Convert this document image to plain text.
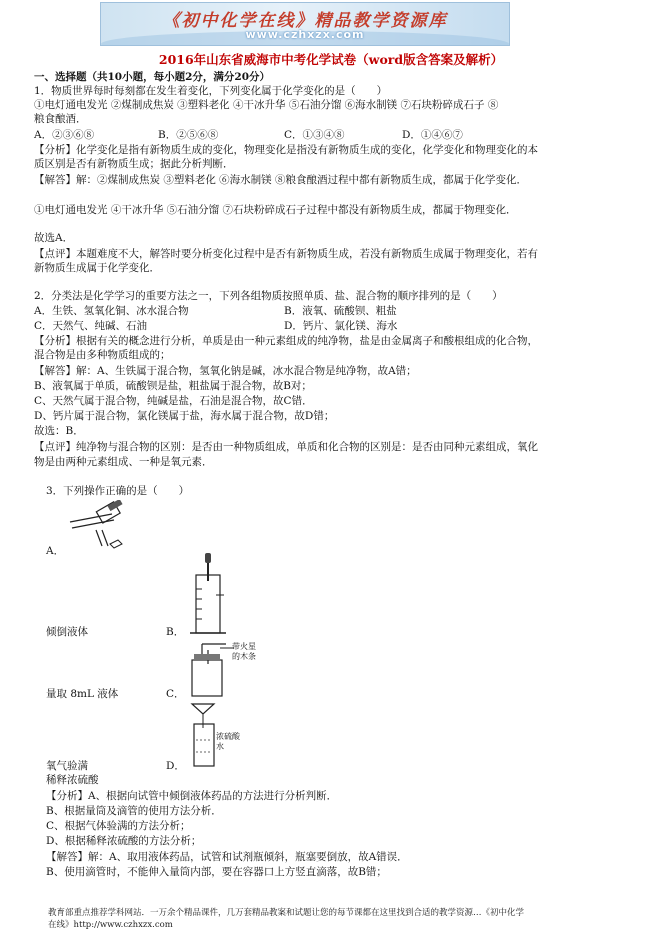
《初中化学在线》精品教学资源库
www.czhxzx.com
2016年山东省威海市中考化学试卷（word版含答案及解析）
一、选择题（共10小题，每小题2分，满分20分）
1．物质世界每时每刻都在发生着变化，下列变化属于化学变化的是（　　）
①电灯通电发光 ②煤制成焦炭 ③塑料老化 ④干冰升华 ⑤石油分馏 ⑥海水制镁 ⑦石块粉碎成石子 ⑧
粮食酿酒．
A．②③⑥⑧	B．②⑤⑥⑧	C．①③④⑧	D．①④⑥⑦
【分析】化学变化是指有新物质生成的变化，物理变化是指没有新物质生成的变化，化学变化和物理变化的本
质区别是否有新物质生成；据此分析判断．
【解答】解：②煤制成焦炭 ③塑料老化 ⑥海水制镁 ⑧粮食酿酒过程中都有新物质生成，都属于化学变化．
①电灯通电发光 ④干冰升华 ⑤石油分馏 ⑦石块粉碎成石子过程中都没有新物质生成，都属于物理变化．
故选A．
【点评】本题难度不大，解答时要分析变化过程中是否有新物质生成，若没有新物质生成属于物理变化，若有
新物质生成属于化学变化．
2．分类法是化学学习的重要方法之一，下列各组物质按照单质、盐、混合物的顺序排列的是（　　）
A．生铁、氢氧化铜、冰水混合物	B．液氧、硫酸钡、粗盐
C．天然气、纯碱、石油	D．钙片、氯化镁、海水
【分析】根据有关的概念进行分析，单质是由一种元素组成的纯净物，盐是由金属离子和酸根组成的化合物，
混合物是由多种物质组成的；
【解答】解：A、生铁属于混合物，氢氧化钠是碱，冰水混合物是纯净物，故A错；
B、液氧属于单质，硫酸钡是盐，粗盐属于混合物，故B对；
C、天然气属于混合物，纯碱是盐，石油是混合物，故C错．
D、钙片属于混合物，氯化镁属于盐，海水属于混合物，故D错；
故选：B．
【点评】纯净物与混合物的区别：是否由一种物质组成，单质和化合物的区别是：是否由同种元素组成，氧化
物是由两种元素组成、一种是氧元素．
3．下列操作正确的是（　　）
A．
倾倒液体	B．
带火星的木条
量取 8mL 液体	C．
浓硫酸水
氧气验满	D．
稀释浓硫酸
【分析】A、根据向试管中倾倒液体药品的方法进行分析判断．
B、根据量筒及滴管的使用方法分析．
C、根据气体验满的方法分析；
D、根据稀释浓硫酸的方法分析；
【解答】解：A、取用液体药品，试管和试剂瓶倾斜，瓶塞要倒放，故A错误．
B、使用滴管时，不能伸入量筒内部，要在容器口上方竖直滴落，故B错；
教育部重点推荐学科网站．一万余个精品课件，几万套精品教案和试题让您的每节课都在这里找到合适的教学资源…《初中化学
在线》http://www.czhxzx.com
